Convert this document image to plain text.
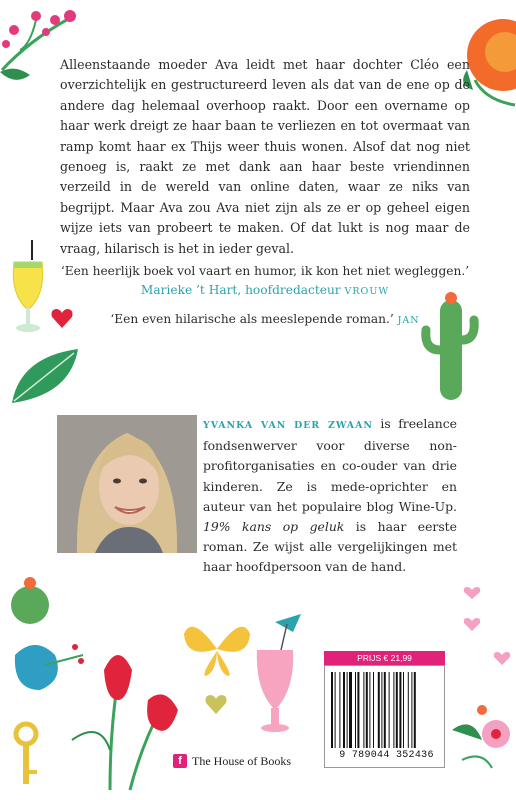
Alleenstaande moeder Ava leidt met haar dochter Cléo een overzichtelijk en gestructureerd leven als dat van de ene op de andere dag helemaal overhoop raakt. Door een overname op haar werk dreigt ze haar baan te verliezen en tot overmaat van ramp komt haar ex Thijs weer thuis wonen. Alsof dat nog niet genoeg is, raakt ze met dank aan haar beste vriendinnen verzeild in de wereld van online daten, waar ze niks van begrijpt. Maar Ava zou Ava niet zijn als ze er op geheel eigen wijze iets van probeert te maken. Of dat lukt is nog maar de vraag, hilarisch is het in ieder geval.

‘Een heerlijk boek vol vaart en humor, ik kon het niet wegleggen.’
Marieke ’t Hart, hoofdredacteur VROUW
‘Een even hilarische als meeslepende roman.’ JAN

YVANKA VAN DER ZWAAN is freelance fondsenwerver voor diverse non-profitorganisaties en co-ouder van drie kinderen. Ze is mede-oprichter en auteur van het populaire blog Wine-Up. 19% kans op geluk is haar eerste roman. Ze wijst alle vergelijkingen met haar hoofdpersoon van de hand.

PRIJS € 21,99
9 789044 352436
f The House of Books
